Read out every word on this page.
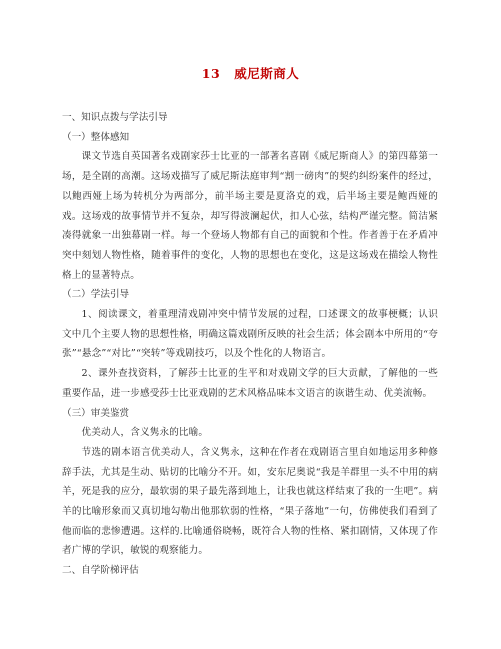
13 威尼斯商人

一、知识点拨与学法引导

（一）整体感知

课文节选自英国著名戏剧家莎士比亚的一部著名喜剧《威尼斯商人》的第四幕第一场，是全剧的高潮。这场戏描写了威尼斯法庭审判“割一磅肉”的契约纠纷案件的经过，以鲍西娅上场为转机分为两部分，前半场主要是夏洛克的戏，后半场主要是鲍西娅的戏。这场戏的故事情节并不复杂，却写得波澜起伏，扣人心弦，结构严谨完整。简洁紧凑得就象一出独幕剧一样。每一个登场人物都有自己的面貌和个性。作者善于在矛盾冲突中刻划人物性格，随着事件的变化，人物的思想也在变化，这是这场戏在描绘人物性格上的显著特点。

（二）学法引导

1、阅读课文，着重理清戏剧冲突中情节发展的过程，口述课文的故事梗概；认识文中几个主要人物的思想性格，明确这篇戏剧所反映的社会生活；体会剧本中所用的“夸张”“悬念”“对比”“突转”等戏剧技巧，以及个性化的人物语言。

2、课外查找资料，了解莎士比亚的生平和对戏剧文学的巨大贡献，了解他的一些重要作品，进一步感受莎士比亚戏剧的艺术风格品味本文语言的诙谐生动、优美流畅。

（三）审美鉴赏

优美动人，含义隽永的比喻。

节选的剧本语言优美动人，含义隽永，这种在作者在戏剧语言里自如地运用多种修辞手法，尤其是生动、贴切的比喻分不开。如，安东尼奥说“我是羊群里一头不中用的病羊，死是我的应分，最软弱的果子最先落到地上，让我也就这样结束了我的一生吧”。病羊的比喻形象而又真切地勾勒出他那软弱的性格，“果子落地”一句，仿佛使我们看到了他而临的悲惨遭遇。这样的.比喻通俗晓畅，既符合人物的性格、紧扣剧情，又体现了作者广博的学识，敏锐的观察能力。

二、自学阶梯评估
